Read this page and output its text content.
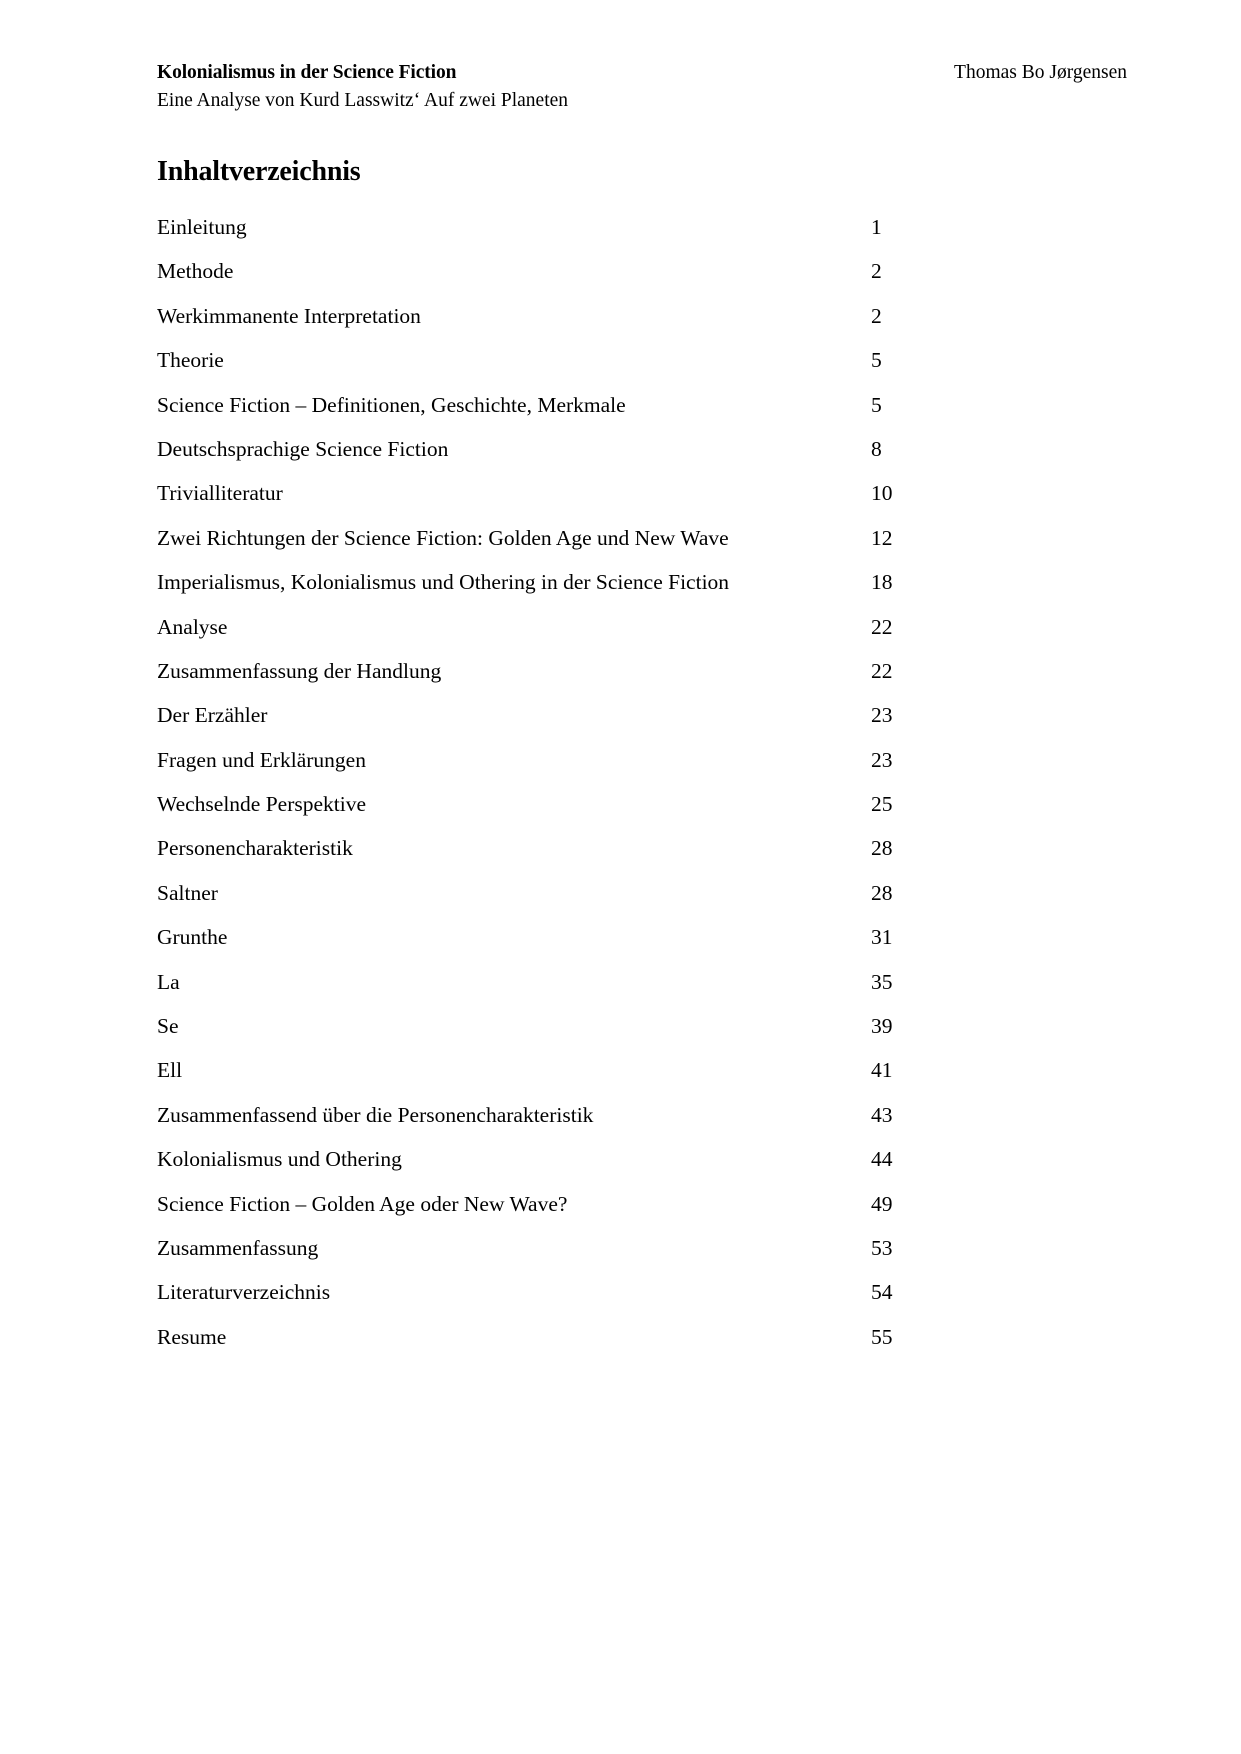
Kolonialismus in der Science Fiction	Thomas Bo Jørgensen
Eine Analyse von Kurd Lasswitz‘ Auf zwei Planeten
Inhaltverzeichnis
Einleitung	1
Methode	2
Werkimmanente Interpretation	2
Theorie	5
Science Fiction – Definitionen, Geschichte, Merkmale	5
Deutschsprachige Science Fiction	8
Trivialliteratur	10
Zwei Richtungen der Science Fiction: Golden Age und New Wave	12
Imperialismus, Kolonialismus und Othering in der Science Fiction	18
Analyse	22
Zusammenfassung der Handlung	22
Der Erzähler	23
Fragen und Erklärungen	23
Wechselnde Perspektive	25
Personencharakteristik	28
Saltner	28
Grunthe	31
La	35
Se	39
Ell	41
Zusammenfassend über die Personencharakteristik	43
Kolonialismus und Othering	44
Science Fiction – Golden Age oder New Wave?	49
Zusammenfassung	53
Literaturverzeichnis	54
Resume	55
